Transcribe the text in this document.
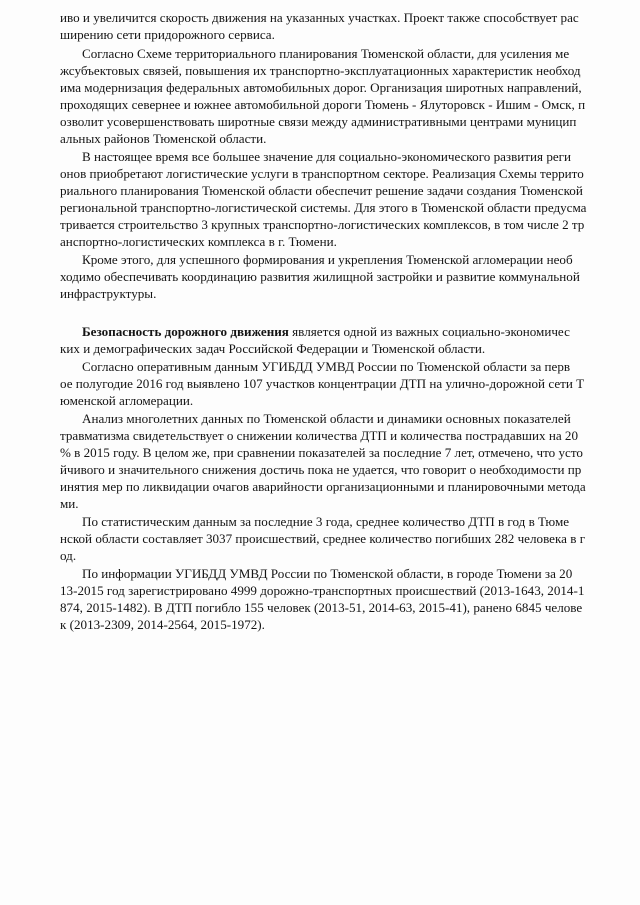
иво и увеличится скорость движения на указанных участках. Проект также способствует рас
ширению сети придорожного сервиса.
Согласно Схеме территориального планирования Тюменской области, для усиления ме
жсубъектовых связей, повышения их транспортно-эксплуатационных характеристик необход
има модернизация федеральных автомобильных дорог. Организация широтных направлений,
проходящих севернее и южнее автомобильной дороги Тюмень - Ялуторовск - Ишим - Омск, п
озволит усовершенствовать широтные связи между административными центрами муницип
альных районов Тюменской области.
В настоящее время все большее значение для социально-экономического развития реги
онов приобретают логистические услуги в транспортном секторе. Реализация Схемы террито
риального планирования Тюменской области обеспечит решение задачи создания Тюменской
региональной транспортно-логистической системы. Для этого в Тюменской области предусма
тривается строительство 3 крупных транспортно-логистических комплексов, в том числе 2 тр
анспортно-логистических комплекса в г. Тюмени.
Кроме этого, для успешного формирования и укрепления Тюменской агломерации необ
ходимо обеспечивать координацию развития жилищной застройки и развитие коммунальной
инфраструктуры.
Безопасность дорожного движения является одной из важных социально-экономичес
ких и демографических задач Российской Федерации и Тюменской области.
Согласно оперативным данным УГИБДД УМВД России по Тюменской области за перв
ое полугодие 2016 год выявлено 107 участков концентрации ДТП на улично-дорожной сети Т
юменской агломерации.
Анализ многолетних данных по Тюменской области и динамики основных показателей
травматизма свидетельствует о снижении количества ДТП и количества пострадавших на 20
% в 2015 году. В целом же, при сравнении показателей за последние 7 лет, отмечено, что усто
йчивого и значительного снижения достичь пока не удается, что говорит о необходимости пр
инятия мер по ликвидации очагов аварийности организационными и планировочными метода
ми.
По статистическим данным за последние 3 года, среднее количество ДТП в год в Тюме
нской области составляет 3037 происшествий, среднее количество погибших 282 человека в г
од.
По информации УГИБДД УМВД России по Тюменской области, в городе Тюмени за 20
13-2015 год зарегистрировано 4999 дорожно-транспортных происшествий (2013-1643, 2014-1
874, 2015-1482). В ДТП погибло 155 человек (2013-51, 2014-63, 2015-41), ранено 6845 челове
к (2013-2309, 2014-2564, 2015-1972).
